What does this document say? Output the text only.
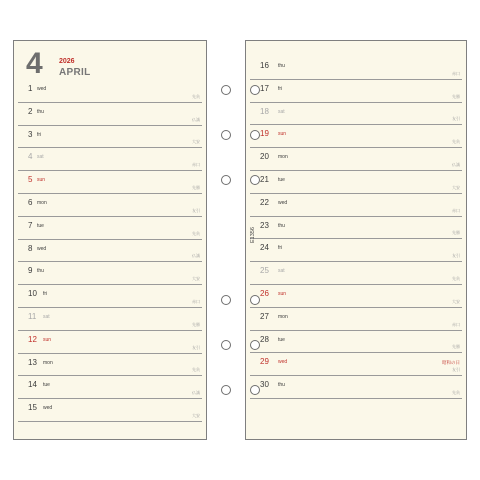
4 2026
APRIL
1 wed
先負
2 thu
仏滅
3 fri
大安
4 sat
赤口
5 sun
先勝
6 mon
友引
7 tue
先負
8 wed
仏滅
9 thu
大安
10 fri
赤口
11 sat
先勝
12 sun
友引
13 mon
先負
14 tue
仏滅
15 wed
大安
16 thu
赤口
17 fri
先勝
18 sat
友引
19 sun
先負
20 mon
仏滅
21 tue
大安
22 wed
赤口
23 thu
先勝
24 fri
友引
25 sat
先負
26 sun
大安
27 mon
赤口
28 tue
先勝
29 wed	昭和の日
友引
30 thu
先負
E1356
